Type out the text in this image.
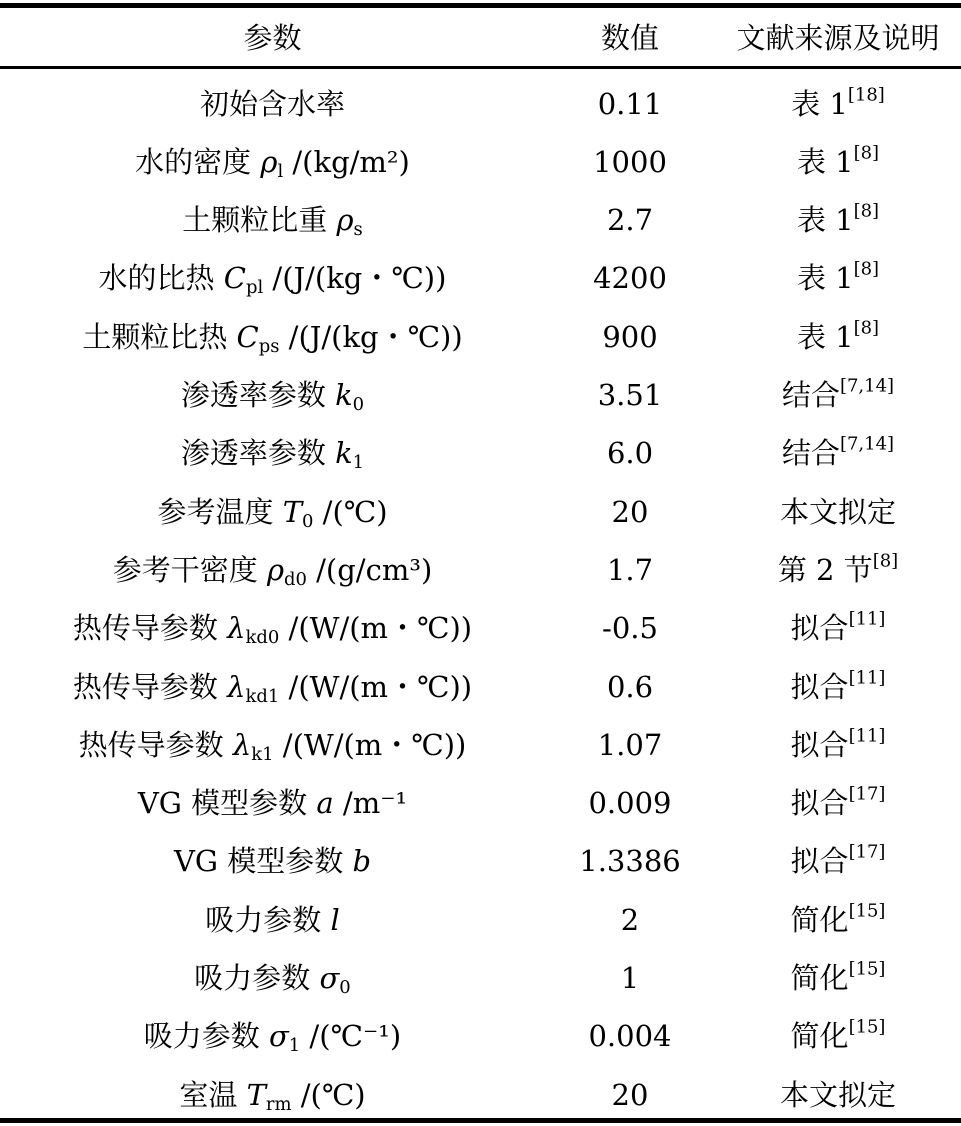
参数	数值	文献来源及说明
初始含水率	0.11	表 1[18]
水的密度 $\rho_l$ /(kg/m²)	1000	表 1[8]
土颗粒比重 $\rho_s$	2.7	表 1[8]
水的比热 $C_{pl}$ /(J/(kg・℃))	4200	表 1[8]
土颗粒比热 $C_{ps}$ /(J/(kg・℃))	900	表 1[8]
渗透率参数 $k_0$	3.51	结合[7,14]
渗透率参数 $k_1$	6.0	结合[7,14]
参考温度 $T_0$ /(℃)	20	本文拟定
参考干密度 $\rho_{d0}$ /(g/cm³)	1.7	第 2 节[8]
热传导参数 $\lambda_{kd0}$ /(W/(m・℃))	-0.5	拟合[11]
热传导参数 $\lambda_{kd1}$ /(W/(m・℃))	0.6	拟合[11]
热传导参数 $\lambda_{k1}$ /(W/(m・℃))	1.07	拟合[11]
VG 模型参数 a /m⁻¹	0.009	拟合[17]
VG 模型参数 b	1.3386	拟合[17]
吸力参数 l	2	简化[15]
吸力参数 $\sigma_0$	1	简化[15]
吸力参数 $\sigma_1$ /(℃⁻¹)	0.004	简化[15]
室温 $T_{rm}$ /(℃)	20	本文拟定
